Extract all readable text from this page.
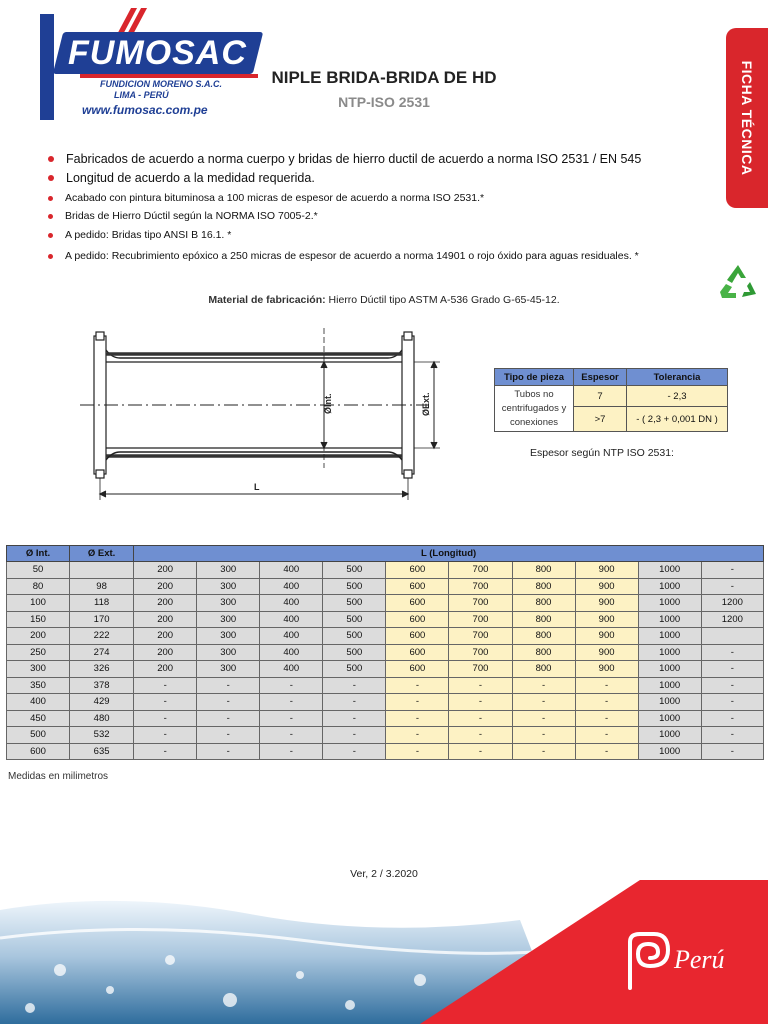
FUMOSAC
FUNDICION MORENO S.A.C.
LIMA - PERÚ
www.fumosac.com.pe
NIPLE BRIDA-BRIDA DE HD
NTP-ISO 2531	FICHA TÉCNICA
Fabricados de acuerdo a norma cuerpo y bridas de hierro ductil de acuerdo a norma ISO 2531 / EN 545
Longitud de acuerdo a la medidad requerida.
Acabado con pintura bituminosa a 100 micras de espesor de acuerdo a norma ISO 2531.*
Bridas de Hierro Dúctil según la NORMA ISO 7005-2.*
A pedido: Bridas tipo ANSI B 16.1. *
A pedido: Recubrimiento epóxico a 250 micras de espesor de acuerdo a norma 14901 o rojo óxido para aguas residuales. *
Material de fabricación: Hierro Dúctil tipo ASTM A-536 Grado G-65-45-12.
ØInt.	ØExt.
L
Tipo de pieza	Espesor	Tolerancia
Tubos no centrifugados y conexiones	7	- 2,3
	>7	- ( 2,3 + 0,001 DN )
Espesor según NTP ISO 2531:
Ø Int.	Ø Ext.	L (Longitud)									
50		200	300	400	500	600	700	800	900	1000	-
80	98	200	300	400	500	600	700	800	900	1000	-
100	118	200	300	400	500	600	700	800	900	1000	1200
150	170	200	300	400	500	600	700	800	900	1000	1200
200	222	200	300	400	500	600	700	800	900	1000	
250	274	200	300	400	500	600	700	800	900	1000	-
300	326	200	300	400	500	600	700	800	900	1000	-
350	378	-	-	-	-	-	-	-	-	1000	-
400	429	-	-	-	-	-	-	-	-	1000	-
450	480	-	-	-	-	-	-	-	-	1000	-
500	532	-	-	-	-	-	-	-	-	1000	-
600	635	-	-	-	-	-	-	-	-	1000	-
Medidas en milimetros
Ver, 2 / 3.2020
Perú
